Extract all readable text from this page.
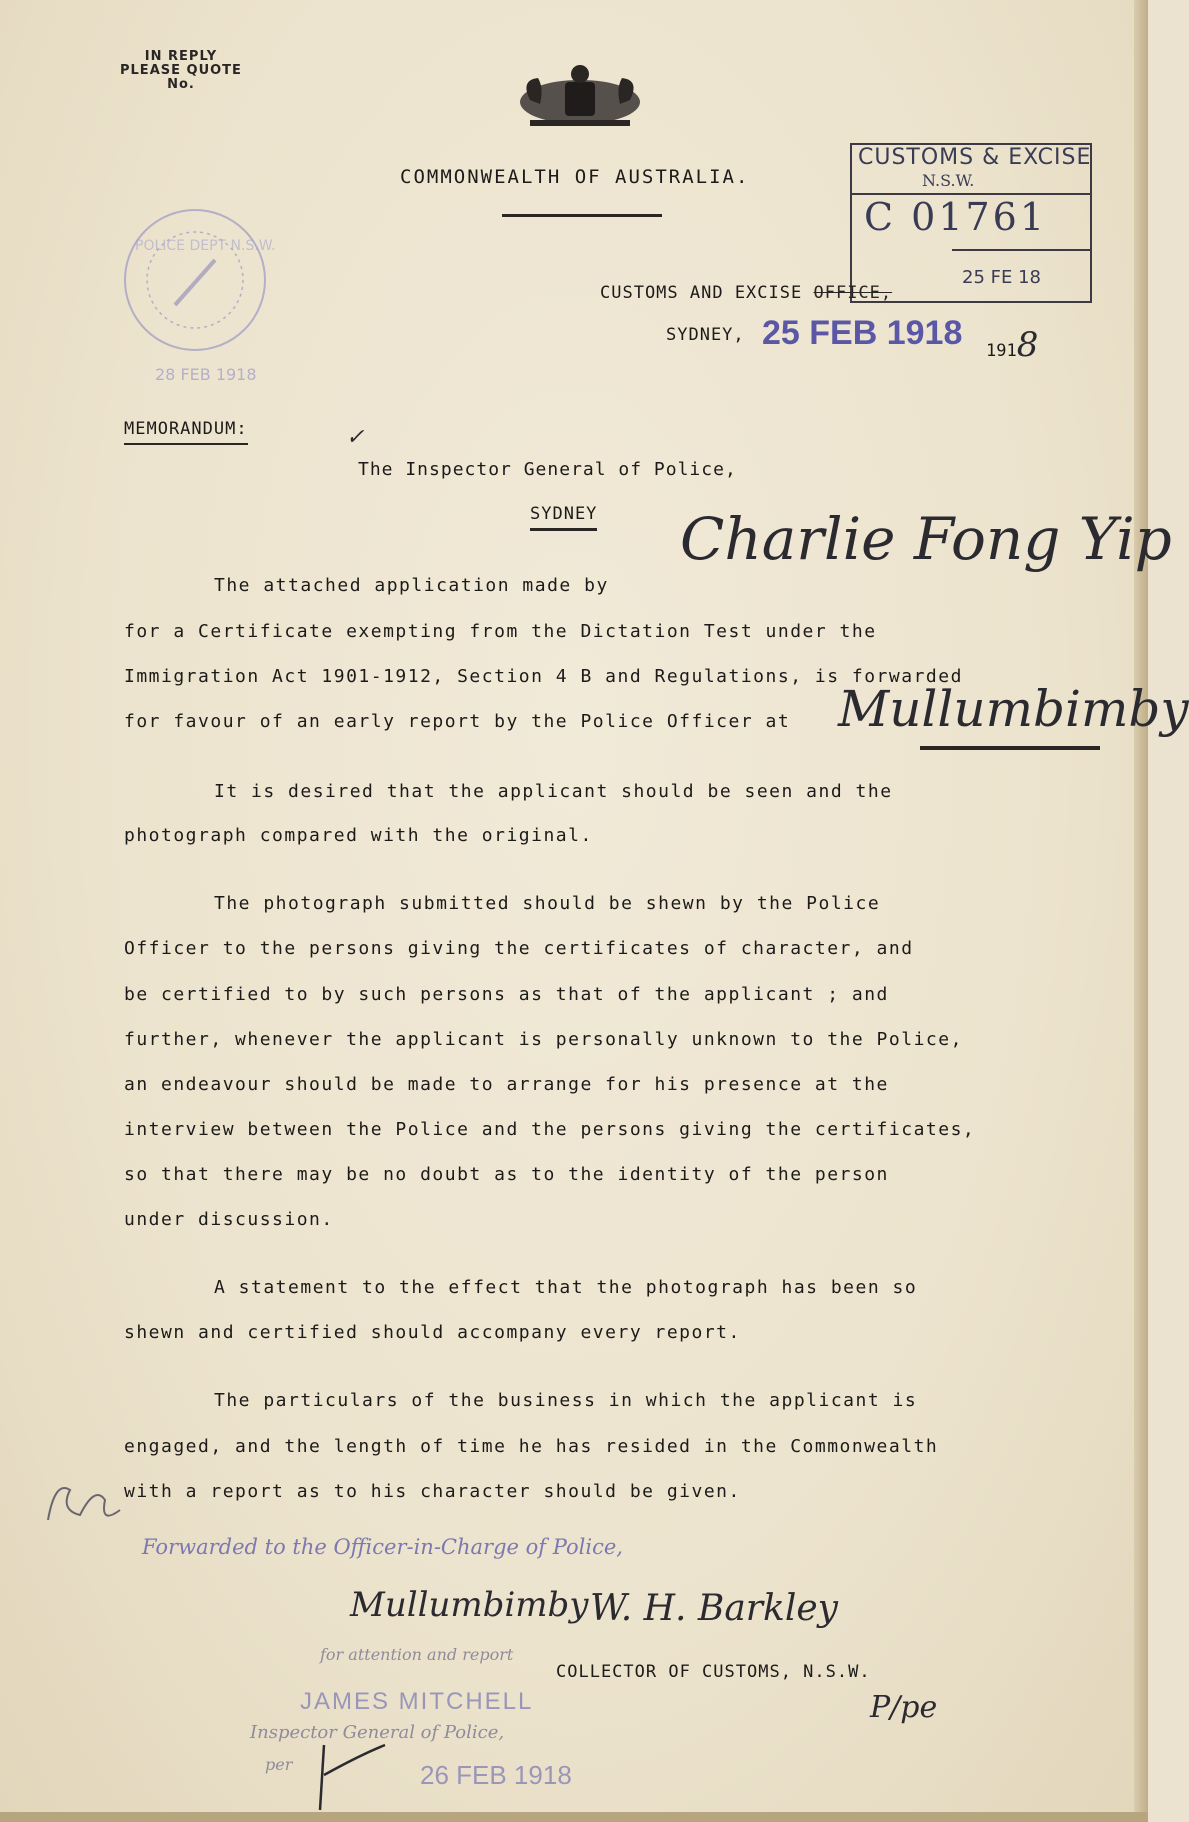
IN REPLY
PLEASE QUOTE
No.
COMMONWEALTH OF AUSTRALIA.
CUSTOMS & EXCISE
N.S.W.
C 01761
25 FE 18
28 FEB 1918
POLICE DEPT N.S.W.
CUSTOMS AND EXCISE OFFICE,
SYDNEY, 25 FEB 1918 1918
MEMORANDUM:	✓
The Inspector General of Police,
SYDNEY
The attached application made by
Charlie Fong Yip
for a Certificate exempting from the Dictation Test under the
Immigration Act 1901-1912, Section 4 B and Regulations, is forwarded
for favour of an early report by the Police Officer at Mullumbimby
It is desired that the applicant should be seen and the
photograph compared with the original.
The photograph submitted should be shewn by the Police
Officer to the persons giving the certificates of character, and
be certified to by such persons as that of the applicant ; and
further, whenever the applicant is personally unknown to the Police,
an endeavour should be made to arrange for his presence at the
interview between the Police and the persons giving the certificates,
so that there may be no doubt as to the identity of the person
under discussion.
A statement to the effect that the photograph has been so
shewn and certified should accompany every report.
The particulars of the business in which the applicant is
engaged, and the length of time he has resided in the Commonwealth
with a report as to his character should be given.
Forwarded to the Officer-in-Charge of Police,
Mullumbimby W. H. Barkley
for attention and report
COLLECTOR OF CUSTOMS, N.S.W.
JAMES MITCHELL
Inspector General of Police,
per	26 FEB 1918
P/pe
